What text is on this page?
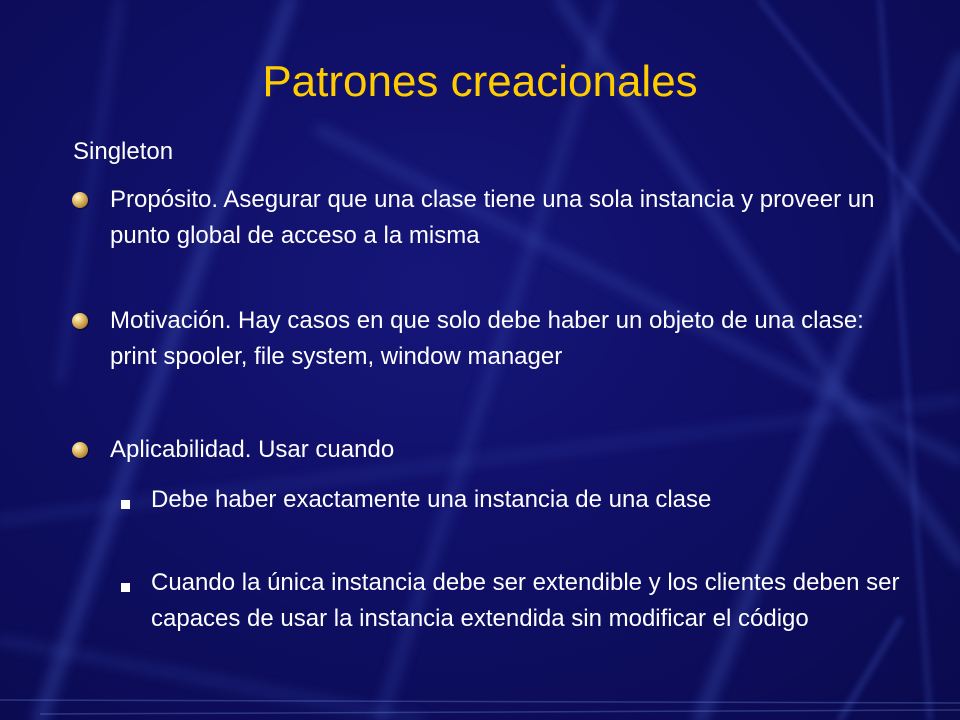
Patrones creacionales

Singleton

Propósito. Asegurar que una clase tiene una sola instancia y proveer un punto global de acceso a la misma

Motivación. Hay casos en que solo debe haber un objeto de una clase: print spooler, file system, window manager

Aplicabilidad. Usar cuando

Debe haber exactamente una instancia de una clase

Cuando la única instancia debe ser extendible y los clientes deben ser capaces de usar la instancia extendida sin modificar el código
